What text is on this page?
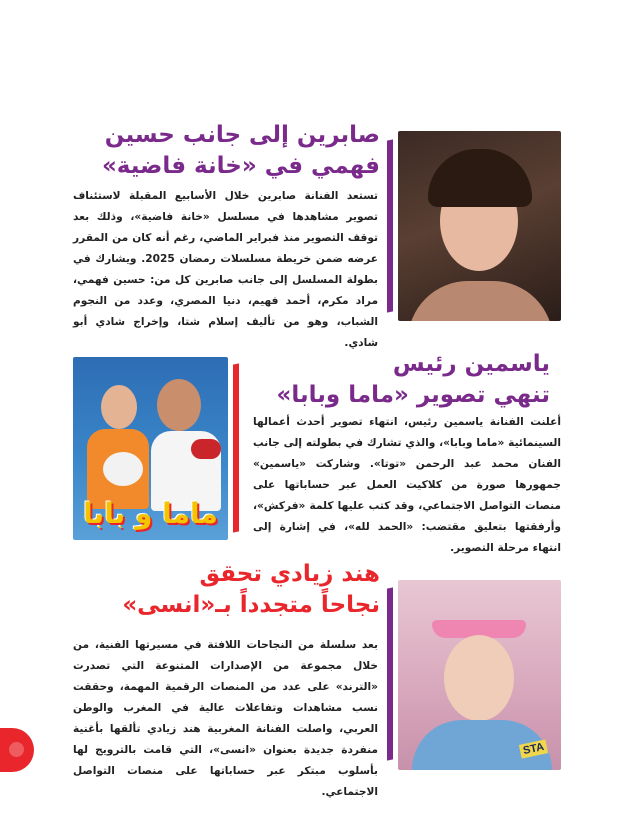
صابرين إلى جانب حسين
فهمي في «خانة فاضية»

تستعد الفنانة صابرين خلال الأسابيع المقبلة لاستئناف تصوير مشاهدها في مسلسل «خانة فاضية»، وذلك بعد توقف التصوير منذ فبراير الماضي، رغم أنه كان من المقرر عرضه ضمن خريطة مسلسلات رمضان 2025. ويشارك في بطولة المسلسل إلى جانب صابرين كل من: حسين فهمي، مراد مكرم، أحمد فهيم، دنيا المصري، وعدد من النجوم الشباب، وهو من تأليف إسلام شتا، وإخراج شادي أبو شادي.

ماما و بابا
ياسمين رئيس
تنهي تصوير «ماما وبابا»

أعلنت الفنانة ياسمين رئيس، انتهاء تصوير أحدث أعمالها السينمائية «ماما وبابا»، والذي تشارك في بطولته إلى جانب الفنان محمد عبد الرحمن «توتا». وشاركت «ياسمين» جمهورها صورة من كلاكيت العمل عبر حساباتها على منصات التواصل الاجتماعي، وقد كتب عليها كلمة «فركش»، وأرفقتها بتعليق مقتضب: «الحمد لله»، في إشارة إلى انتهاء مرحلة التصوير.

STA
هند زيادي تحقق
نجاحاً متجدداً بـ«انسى»

بعد سلسلة من النجاحات اللافتة في مسيرتها الفنية، من خلال مجموعة من الإصدارات المتنوعة التي تصدرت «الترند» على عدد من المنصات الرقمية المهمة، وحققت نسب مشاهدات وتفاعلات عالية في المغرب والوطن العربي، واصلت الفنانة المغربية هند زيادي تألقها بأغنية منفردة جديدة بعنوان «انسى»، التي قامت بالترويج لها بأسلوب مبتكر عبر حساباتها على منصات التواصل الاجتماعي.
